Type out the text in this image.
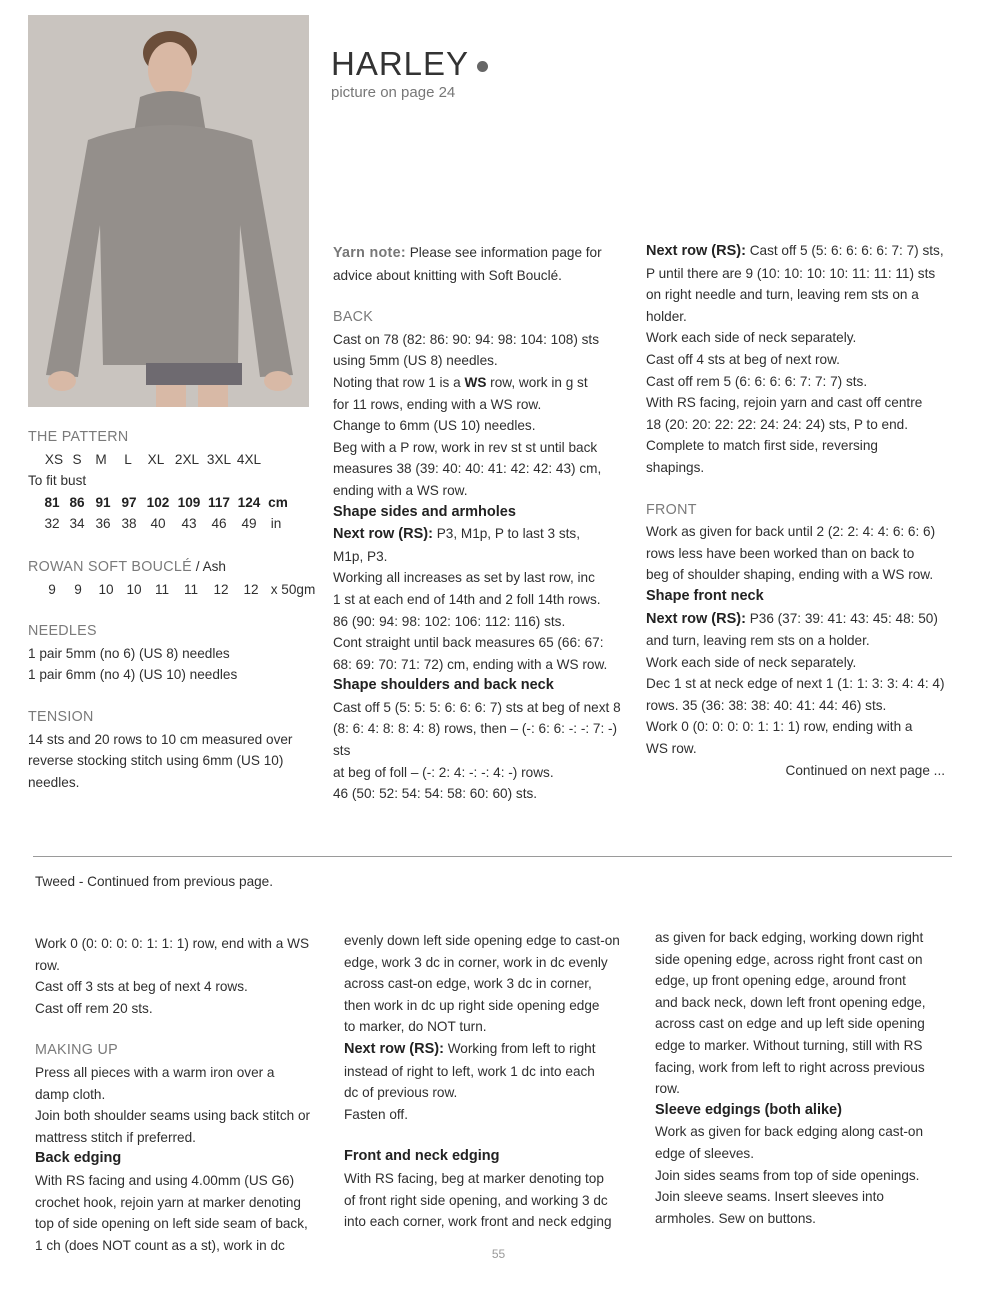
HARLEY
picture on page 24

THE PATTERN

XS S	M	L	XL 2XL 3XL 4XL

To fit bust

81 86 91 97 102 109 117 124 cm
32 34 36 38	40	43	46	49	in

ROWAN SOFT BOUCLÉ / Ash

9	9	10 10 11	11	12	12 x 50gm

NEEDLES

1 pair 5mm (no 6) (US 8) needles

1 pair 6mm (no 4) (US 10) needles

TENSION

14 sts and 20 rows to 10 cm measured over

reverse stocking stitch using 6mm (US 10)

needles.

Yarn note: Please see information page for

advice about knitting with Soft Bouclé.

BACK

Cast on 78 (82: 86: 90: 94: 98: 104: 108) sts

using 5mm (US 8) needles.

Noting that row 1 is a WS row, work in g st

for 11 rows, ending with a WS row.

Change to 6mm (US 10) needles.

Beg with a P row, work in rev st st until back

measures 38 (39: 40: 40: 41: 42: 42: 43) cm,

ending with a WS row.

Shape sides and armholes

Next row (RS): P3, M1p, P to last 3 sts,

M1p, P3.

Working all increases as set by last row, inc

1 st at each end of 14th and 2 foll 14th rows.

86 (90: 94: 98: 102: 106: 112: 116) sts.

Cont straight until back measures 65 (66: 67:

68: 69: 70: 71: 72) cm, ending with a WS row.

Shape shoulders and back neck

Cast off 5 (5: 5: 5: 6: 6: 6: 7) sts at beg of next 8

(8: 6: 4: 8: 8: 4: 8) rows, then – (-: 6: 6: -: -: 7: -) sts

at beg of foll – (-: 2: 4: -: -: 4: -) rows.

46 (50: 52: 54: 54: 58: 60: 60) sts.

Next row (RS): Cast off 5 (5: 6: 6: 6: 6: 7: 7) sts,

P until there are 9 (10: 10: 10: 10: 11: 11: 11) sts

on right needle and turn, leaving rem sts on a

holder.

Work each side of neck separately.

Cast off 4 sts at beg of next row.

Cast off rem 5 (6: 6: 6: 6: 7: 7: 7) sts.

With RS facing, rejoin yarn and cast off centre

18 (20: 20: 22: 22: 24: 24: 24) sts, P to end.

Complete to match first side, reversing

shapings.

FRONT

Work as given for back until 2 (2: 2: 4: 4: 6: 6: 6)

rows less have been worked than on back to

beg of shoulder shaping, ending with a WS row.

Shape front neck

Next row (RS): P36 (37: 39: 41: 43: 45: 48: 50)

and turn, leaving rem sts on a holder.

Work each side of neck separately.

Dec 1 st at neck edge of next 1 (1: 1: 3: 3: 4: 4: 4)

rows. 35 (36: 38: 38: 40: 41: 44: 46) sts.

Work 0 (0: 0: 0: 0: 1: 1: 1) row, ending with a

WS row.

Continued on next page ...

Tweed - Continued from previous page.

Work 0 (0: 0: 0: 0: 1: 1: 1) row, end with a WS row.

Cast off 3 sts at beg of next 4 rows.

Cast off rem 20 sts.

MAKING UP

Press all pieces with a warm iron over a

damp cloth.

Join both shoulder seams using back stitch or

mattress stitch if preferred.

Back edging

With RS facing and using 4.00mm (US G6)

crochet hook, rejoin yarn at marker denoting

top of side opening on left side seam of back,

1 ch (does NOT count as a st), work in dc

evenly down left side opening edge to cast-on

edge, work 3 dc in corner, work in dc evenly

across cast-on edge, work 3 dc in corner,

then work in dc up right side opening edge

to marker, do NOT turn.

Next row (RS): Working from left to right

instead of right to left, work 1 dc into each

dc of previous row.

Fasten off.

Front and neck edging

With RS facing, beg at marker denoting top

of front right side opening, and working 3 dc

into each corner, work front and neck edging

as given for back edging, working down right

side opening edge, across right front cast on

edge, up front opening edge, around front

and back neck, down left front opening edge,

across cast on edge and up left side opening

edge to marker. Without turning, still with RS

facing, work from left to right across previous

row.

Sleeve edgings (both alike)

Work as given for back edging along cast-on

edge of sleeves.

Join sides seams from top of side openings.

Join sleeve seams. Insert sleeves into

armholes. Sew on buttons.

55
